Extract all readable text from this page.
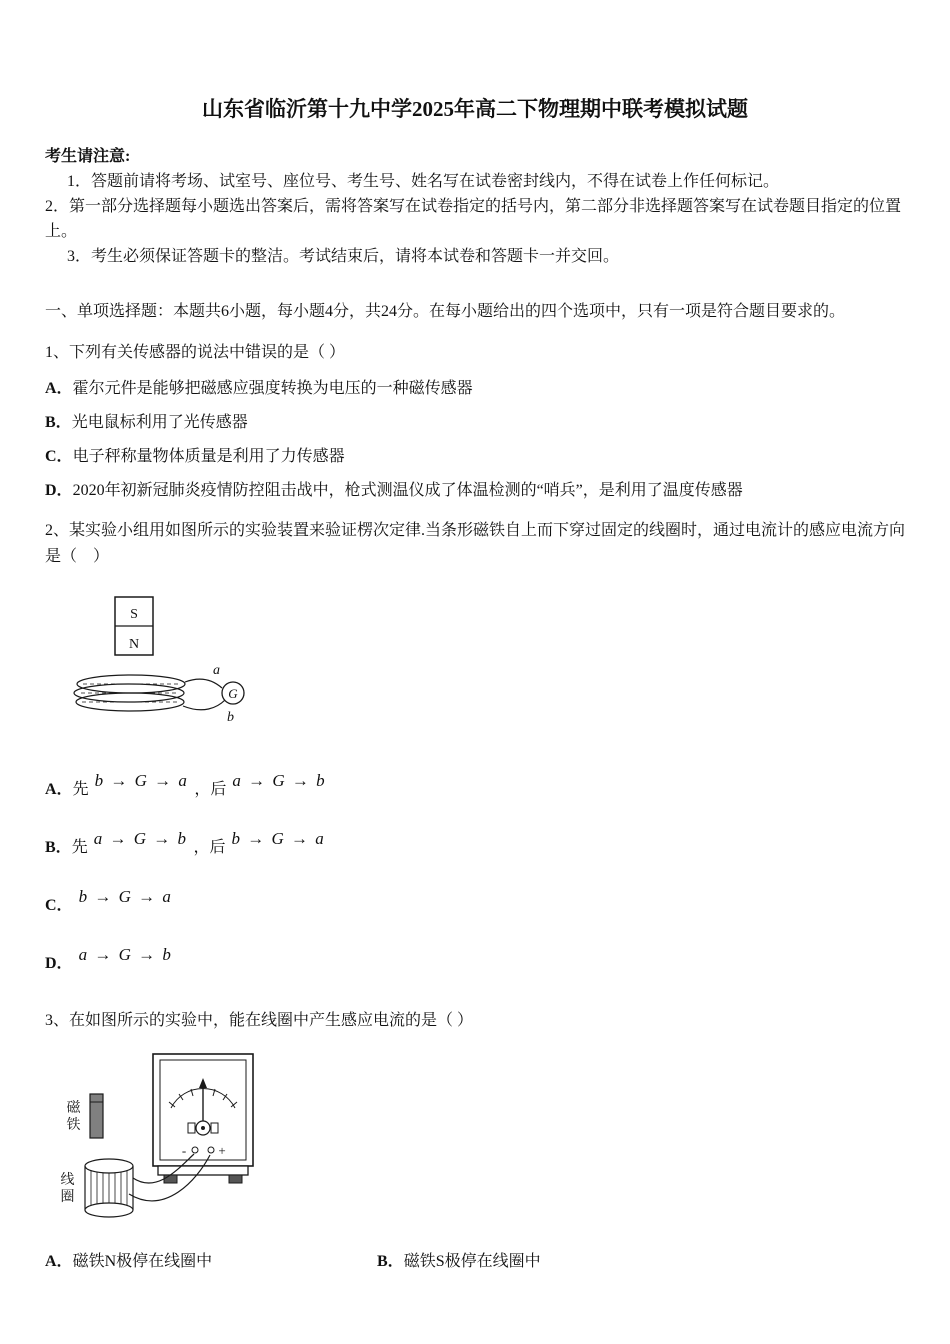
山东省临沂第十九中学2025年高二下物理期中联考模拟试题

考生请注意:

1．答题前请将考场、试室号、座位号、考生号、姓名写在试卷密封线内，不得在试卷上作任何标记。

2．第一部分选择题每小题选出答案后，需将答案写在试卷指定的括号内，第二部分非选择题答案写在试卷题目指定的位置上。

3．考生必须保证答题卡的整洁。考试结束后，请将本试卷和答题卡一并交回。

一、单项选择题：本题共6小题，每小题4分，共24分。在每小题给出的四个选项中，只有一项是符合题目要求的。

1、下列有关传感器的说法中错误的是（ ）

A．霍尔元件是能够把磁感应强度转换为电压的一种磁传感器

B．光电鼠标利用了光传感器

C．电子秤称量物体质量是利用了力传感器

D．2020年初新冠肺炎疫情防控阻击战中，枪式测温仪成了体温检测的“哨兵”，是利用了温度传感器

2、某实验小组用如图所示的实验装置来验证楞次定律.当条形磁铁自上而下穿过固定的线圈时，通过电流计的感应电流方向是（　）

S
N
G
a
b

A．先 b → G → a ，后 a → G → b

B．先 a → G → b ，后 b → G → a

C． b → G → a

D． a → G → b

3、在如图所示的实验中，能在线圈中产生感应电流的是（ ）

- +
磁铁
线圈

A．磁铁N极停在线圈中	B．磁铁S极停在线圈中
